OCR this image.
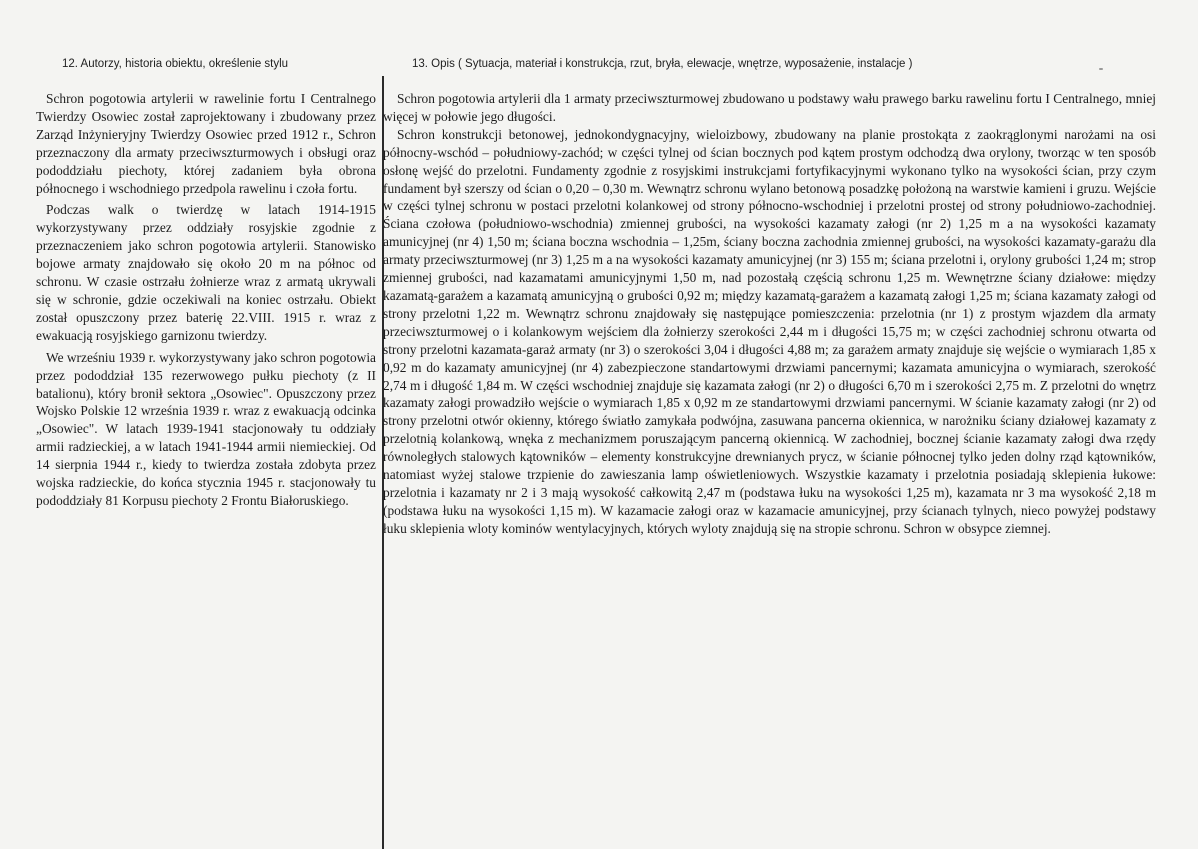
12. Autorzy, historia obiektu, określenie stylu	13. Opis ( Sytuacja, materiał i konstrukcja, rzut, bryła, elewacje, wnętrze, wyposażenie, instalacje )

Schron pogotowia artylerii w rawelinie fortu I Centralnego Twierdzy Osowiec został zaprojektowany i zbudowany przez Zarząd Inżynieryjny Twierdzy Osowiec przed 1912 r., Schron przeznaczony dla armaty przeciwszturmowych i obsługi oraz pododdziału piechoty, której zadaniem była obrona północnego i wschodniego przedpola rawelinu i czoła fortu.

Podczas walk o twierdzę w latach 1914-1915 wykorzystywany przez oddziały rosyjskie zgodnie z przeznaczeniem jako schron pogotowia artylerii. Stanowisko bojowe armaty znajdowało się około 20 m na północ od schronu. W czasie ostrzału żołnierze wraz z armatą ukrywali się w schronie, gdzie oczekiwali na koniec ostrzału. Obiekt został opuszczony przez baterię 22.VIII. 1915 r. wraz z ewakuacją rosyjskiego garnizonu twierdzy.

We wrześniu 1939 r. wykorzystywany jako schron pogotowia przez pododdział 135 rezerwowego pułku piechoty (z II batalionu), który bronił sektora „Osowiec". Opuszczony przez Wojsko Polskie 12 września 1939 r. wraz z ewakuacją odcinka „Osowiec". W latach 1939-1941 stacjonowały tu oddziały armii radzieckiej, a w latach 1941-1944 armii niemieckiej. Od 14 sierpnia 1944 r., kiedy to twierdza została zdobyta przez wojska radzieckie, do końca stycznia 1945 r. stacjonowały tu pododdziały 81 Korpusu piechoty 2 Frontu Białoruskiego.

Schron pogotowia artylerii dla 1 armaty przeciwszturmowej zbudowano u podstawy wału prawego barku rawelinu fortu I Centralnego, mniej więcej w połowie jego długości.

Schron konstrukcji betonowej, jednokondygnacyjny, wieloizbowy, zbudowany na planie prostokąta z zaokrąglonymi narożami na osi północny-wschód – południowy-zachód; w części tylnej od ścian bocznych pod kątem prostym odchodzą dwa orylony, tworząc w ten sposób osłonę wejść do przelotni. Fundamenty zgodnie z rosyjskimi instrukcjami fortyfikacyjnymi wykonano tylko na wysokości ścian, przy czym fundament był szerszy od ścian o 0,20 – 0,30 m. Wewnątrz schronu wylano betonową posadzkę położoną na warstwie kamieni i gruzu. Wejście w części tylnej schronu w postaci przelotni kolankowej od strony północno-wschodniej i przelotni prostej od strony południowo-zachodniej. Ściana czołowa (południowo-wschodnia) zmiennej grubości, na wysokości kazamaty załogi (nr 2) 1,25 m a na wysokości kazamaty amunicyjnej (nr 4) 1,50 m; ściana boczna wschodnia – 1,25m, ściany boczna zachodnia zmiennej grubości, na wysokości kazamaty-garażu dla armaty przeciwszturmowej (nr 3) 1,25 m a na wysokości kazamaty amunicyjnej (nr 3) 155 m; ściana przelotni i, orylony grubości 1,24 m; strop zmiennej grubości, nad kazamatami amunicyjnymi 1,50 m, nad pozostałą częścią schronu 1,25 m. Wewnętrzne ściany działowe: między kazamatą-garażem a kazamatą amunicyjną o grubości 0,92 m; między kazamatą-garażem a kazamatą załogi 1,25 m; ściana kazamaty załogi od strony przelotni 1,22 m. Wewnątrz schronu znajdowały się następujące pomieszczenia: przelotnia (nr 1) z prostym wjazdem dla armaty przeciwszturmowej o i kolankowym wejściem dla żołnierzy szerokości 2,44 m i długości 15,75 m; w części zachodniej schronu otwarta od strony przelotni kazamata-garaż armaty (nr 3) o szerokości 3,04 i długości 4,88 m; za garażem armaty znajduje się wejście o wymiarach 1,85 x 0,92 m do kazamaty amunicyjnej (nr 4) zabezpieczone standartowymi drzwiami pancernymi; kazamata amunicyjna o wymiarach, szerokość 2,74 m i długość 1,84 m. W części wschodniej znajduje się kazamata załogi (nr 2) o długości 6,70 m i szerokości 2,75 m. Z przelotni do wnętrz kazamaty załogi prowadziło wejście o wymiarach 1,85 x 0,92 m ze standartowymi drzwiami pancernymi. W ścianie kazamaty załogi (nr 2) od strony przelotni otwór okienny, którego światło zamykała podwójna, zasuwana pancerna okiennica, w narożniku ściany działowej kazamaty z przelotnią kolankową, wnęka z mechanizmem poruszającym pancerną okiennicą. W zachodniej, bocznej ścianie kazamaty załogi dwa rzędy równoległych stalowych kątowników – elementy konstrukcyjne drewnianych prycz, w ścianie północnej tylko jeden dolny rząd kątowników, natomiast wyżej stalowe trzpienie do zawieszania lamp oświetleniowych. Wszystkie kazamaty i przelotnia posiadają sklepienia łukowe: przelotnia i kazamaty nr 2 i 3 mają wysokość całkowitą 2,47 m (podstawa łuku na wysokości 1,25 m), kazamata nr 3 ma wysokość 2,18 m (podstawa łuku na wysokości 1,15 m). W kazamacie załogi oraz w kazamacie amunicyjnej, przy ścianach tylnych, nieco powyżej podstawy łuku sklepienia wloty kominów wentylacyjnych, których wyloty znajdują się na stropie schronu. Schron w obsypce ziemnej.
